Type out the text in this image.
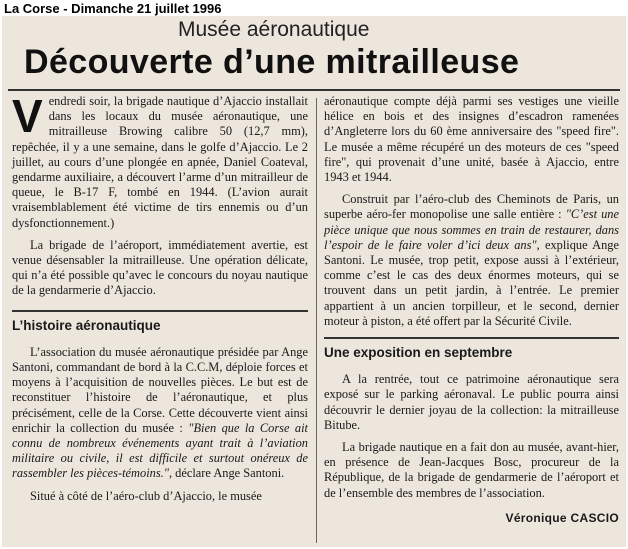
La Corse - Dimanche 21 juillet 1996
Musée aéronautique
Découverte d’une mitrailleuse

Vendredi soir, la brigade nautique d’Ajaccio installait dans les locaux du musée aéronautique, une mitrailleuse Browing calibre 50 (12,7 mm), repêchée, il y a une semaine, dans le golfe d’Ajaccio. Le 2 juillet, au cours d’une plongée en apnée, Daniel Coateval, gendarme auxiliaire, a découvert l’arme d’un mitrailleur de queue, le B-17 F, tombé en 1944. (L’avion aurait vraisemblablement été victime de tirs ennemis ou d’un dysfonctionnement.)

La brigade de l’aéroport, immédiatement avertie, est venue désensabler la mitrailleuse. Une opération délicate, qui n’a été possible qu’avec le concours du noyau nautique de la gendarmerie d’Ajaccio.

L’histoire aéronautique

L’association du musée aéronautique présidée par Ange Santoni, commandant de bord à la C.C.M, déploie forces et moyens à l’acquisition de nouvelles pièces. Le but est de reconstituer l’histoire de l’aéronautique, et plus précisément, celle de la Corse. Cette découverte vient ainsi enrichir la collection du musée : "Bien que la Corse ait connu de nombreux événements ayant trait à l’aviation militaire ou civile, il est difficile et surtout onéreux de rassembler les pièces-témoins.", déclare Ange Santoni.

Situé à côté de l’aéro-club d’Ajaccio, le musée

aéronautique compte déjà parmi ses vestiges une vieille hélice en bois et des insignes d’escadron ramenées d’Angleterre lors du 60 ème anniversaire des "speed fire". Le musée a même récupéré un des moteurs de ces "speed fire", qui provenait d’une unité, basée à Ajaccio, entre 1943 et 1944.

Construit par l’aéro-club des Cheminots de Paris, un superbe aéro-fer monopolise une salle entière : "C’est une pièce unique que nous sommes en train de restaurer, dans l’espoir de le faire voler d’ici deux ans", explique Ange Santoni. Le musée, trop petit, expose aussi à l’extérieur, comme c’est le cas des deux énormes moteurs, qui se trouvent dans un petit jardin, à l’entrée. Le premier appartient à un ancien torpilleur, et le second, dernier moteur à piston, a été offert par la Sécurité Civile.

Une exposition en septembre

A la rentrée, tout ce patrimoine aéronautique sera exposé sur le parking aéronaval. Le public pourra ainsi découvrir le dernier joyau de la collection: la mitrailleuse Bitube.

La brigade nautique en a fait don au musée, avant-hier, en présence de Jean-Jacques Bosc, procureur de la République, de la brigade de gendarmerie de l’aéroport et de l’ensemble des membres de l’association.

Véronique CASCIO
